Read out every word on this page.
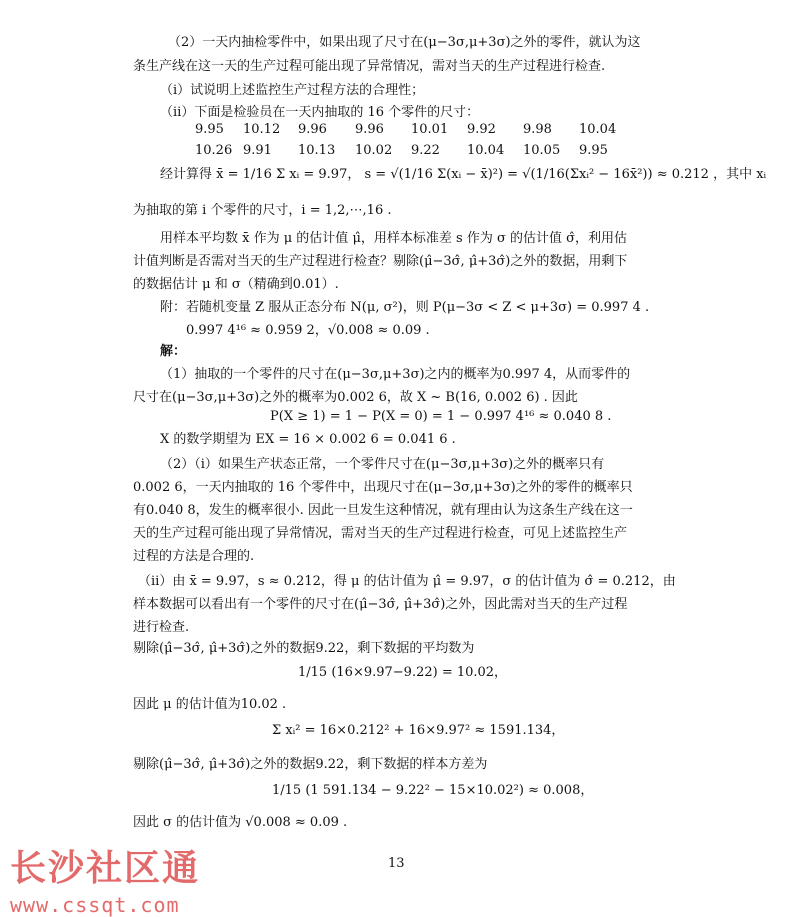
（2）一天内抽检零件中，如果出现了尺寸在(μ−3σ,μ+3σ)之外的零件，就认为这
条生产线在这一天的生产过程可能出现了异常情况，需对当天的生产过程进行检查.
（ⅰ）试说明上述监控生产过程方法的合理性；
（ⅱ）下面是检验员在一天内抽取的 16 个零件的尺寸：
9.95 10.12 9.96 9.96 10.01 9.92 9.98 10.04
10.26 9.91 10.13 10.02 9.22 10.04 10.05 9.95
经计算得 x̄ = 1/16 Σ xᵢ = 9.97， s = √(1/16 Σ(xᵢ − x̄)²) = √(1/16(Σxᵢ² − 16x̄²)) ≈ 0.212 ，其中 xᵢ
为抽取的第 i 个零件的尺寸，i = 1,2,⋯,16 .
用样本平均数 x̄ 作为 μ 的估计值 μ̂，用样本标准差 s 作为 σ 的估计值 σ̂，利用估
计值判断是否需对当天的生产过程进行检查？剔除(μ̂−3σ̂, μ̂+3σ̂)之外的数据，用剩下
的数据估计 μ 和 σ（精确到0.01）.
附：若随机变量 Z 服从正态分布 N(μ, σ²)，则 P(μ−3σ < Z < μ+3σ) = 0.997 4 .
0.997 4¹⁶ ≈ 0.959 2，√0.008 ≈ 0.09 .
解：
（1）抽取的一个零件的尺寸在(μ−3σ,μ+3σ)之内的概率为0.997 4，从而零件的
尺寸在(μ−3σ,μ+3σ)之外的概率为0.002 6，故 X ~ B(16, 0.002 6) . 因此
P(X ≥ 1) = 1 − P(X = 0) = 1 − 0.997 4¹⁶ ≈ 0.040 8 .
X 的数学期望为 EX = 16 × 0.002 6 = 0.041 6 .
（2）（ⅰ）如果生产状态正常，一个零件尺寸在(μ−3σ,μ+3σ)之外的概率只有
0.002 6，一天内抽取的 16 个零件中，出现尺寸在(μ−3σ,μ+3σ)之外的零件的概率只
有0.040 8，发生的概率很小. 因此一旦发生这种情况，就有理由认为这条生产线在这一
天的生产过程可能出现了异常情况，需对当天的生产过程进行检查，可见上述监控生产
过程的方法是合理的.
（ⅱ）由 x̄ = 9.97，s ≈ 0.212，得 μ 的估计值为 μ̂ = 9.97，σ 的估计值为 σ̂ = 0.212，由
样本数据可以看出有一个零件的尺寸在(μ̂−3σ̂, μ̂+3σ̂)之外，因此需对当天的生产过程
进行检查.
剔除(μ̂−3σ̂, μ̂+3σ̂)之外的数据9.22，剩下数据的平均数为
1/15 (16×9.97−9.22) = 10.02，
因此 μ 的估计值为10.02 .
Σ xᵢ² = 16×0.212² + 16×9.97² ≈ 1591.134，
剔除(μ̂−3σ̂, μ̂+3σ̂)之外的数据9.22，剩下数据的样本方差为
1/15 (1 591.134 − 9.22² − 15×10.02²) ≈ 0.008，
因此 σ 的估计值为 √0.008 ≈ 0.09 .
13
长沙社区通
www.cssqt.com
